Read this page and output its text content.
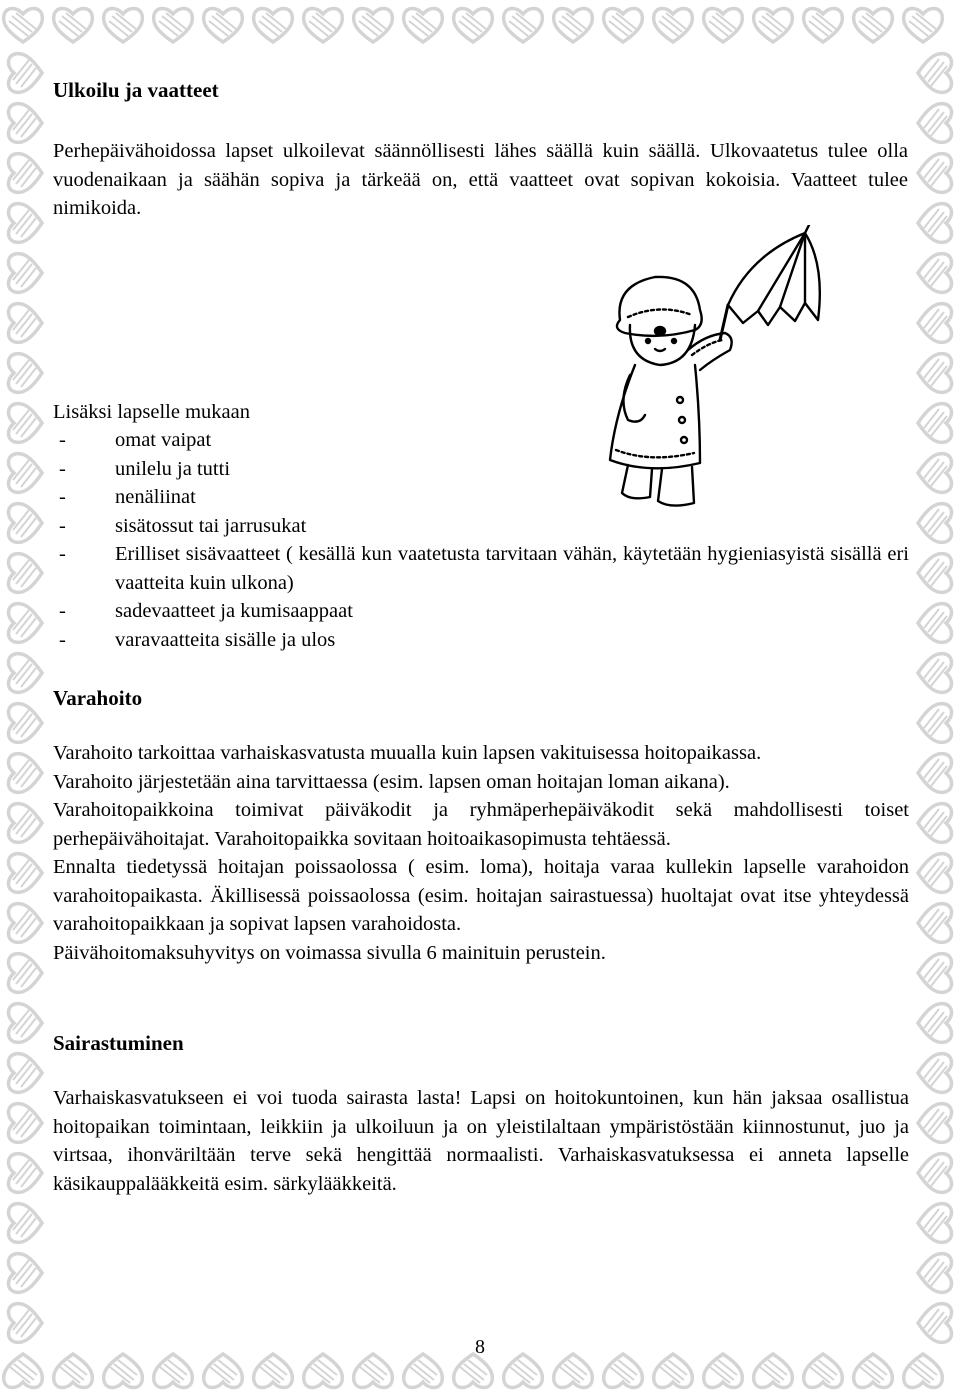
Ulkoilu ja vaatteet

Perhepäivähoidossa lapset ulkoilevat säännöllisesti lähes säällä kuin säällä. Ulkovaatetus tulee olla vuodenaikaan ja säähän sopiva ja tärkeää on, että vaatteet ovat sopivan kokoisia. Vaatteet tulee nimikoida.

Lisäksi lapselle mukaan

- omat vaipat
- unilelu ja tutti
- nenäliinat
- sisätossut tai jarrusukat
- Erilliset sisävaatteet ( kesällä kun vaatetusta tarvitaan vähän, käytetään hygieniasyistä sisällä eri vaatteita kuin ulkona)
- sadevaatteet ja kumisaappaat
- varavaatteita sisälle ja ulos
Varahoito

Varahoito tarkoittaa varhaiskasvatusta muualla kuin lapsen vakituisessa hoitopaikassa.

Varahoito järjestetään aina tarvittaessa (esim. lapsen oman hoitajan loman aikana).

Varahoitopaikkoina toimivat päiväkodit ja ryhmäperhepäiväkodit sekä mahdollisesti toiset perhepäivähoitajat. Varahoitopaikka sovitaan hoitoaikasopimusta tehtäessä.

Ennalta tiedetyssä hoitajan poissaolossa ( esim. loma), hoitaja varaa kullekin lapselle varahoidon varahoitopaikasta. Äkillisessä poissaolossa (esim. hoitajan sairastuessa) huoltajat ovat itse yhteydessä varahoitopaikkaan ja sopivat lapsen varahoidosta.

Päivähoitomaksuhyvitys on voimassa sivulla 6 mainituin perustein.

Sairastuminen

Varhaiskasvatukseen ei voi tuoda sairasta lasta! Lapsi on hoitokuntoinen, kun hän jaksaa osallistua hoitopaikan toimintaan, leikkiin ja ulkoiluun ja on yleistilaltaan ympäristöstään kiinnostunut, juo ja virtsaa, ihonväriltään terve sekä hengittää normaalisti. Varhaiskasvatuksessa ei anneta lapselle käsikauppalääkkeitä esim. särkylääkkeitä.

8
